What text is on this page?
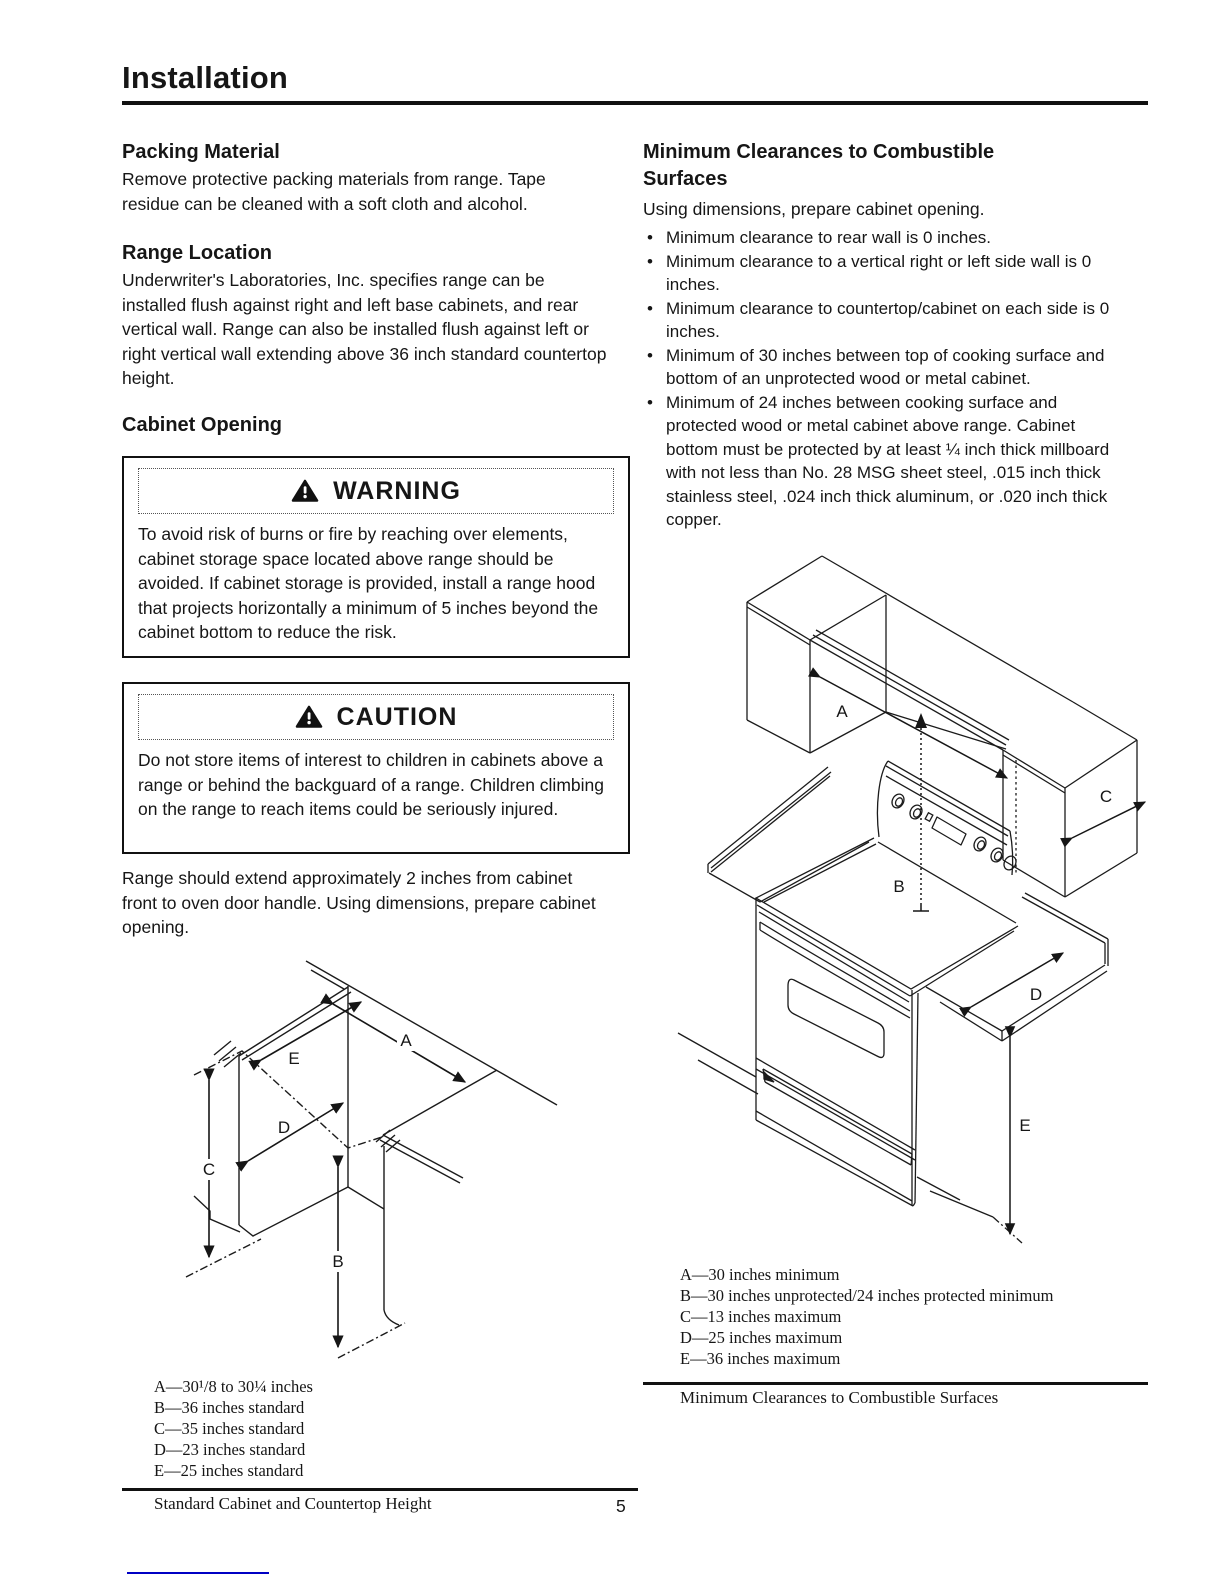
Installation
Packing Material

Remove protective packing materials from range. Tape residue can be cleaned with a soft cloth and alcohol.

Range Location

Underwriter's Laboratories, Inc. specifies range can be installed flush against right and left base cabinets, and rear vertical wall. Range can also be installed flush against left or right vertical wall extending above 36 inch standard countertop height.

Cabinet Opening
WARNING

To avoid risk of burns or fire by reaching over elements, cabinet storage space located above range should be avoided. If cabinet storage is provided, install a range hood that projects horizontally a minimum of 5 inches beyond the cabinet bottom to reduce the risk.

CAUTION

Do not store items of interest to children in cabinets above a range or behind the backguard of a range. Children climbing on the range to reach items could be seriously injured.

Range should extend approximately 2 inches from cabinet front to oven door handle. Using dimensions, prepare cabinet opening.

A
E
D
C
B
A—30¹/8 to 30¼ inches
B—36 inches standard
C—35 inches standard
D—23 inches standard
E—25 inches standard
Standard Cabinet and Countertop Height	5
Minimum Clearances to Combustible Surfaces

Using dimensions, prepare cabinet opening.

• Minimum clearance to rear wall is 0 inches.
• Minimum clearance to a vertical right or left side wall is 0 inches.
• Minimum clearance to countertop/cabinet on each side is 0 inches.
• Minimum of 30 inches between top of cooking surface and bottom of an unprotected wood or metal cabinet.
• Minimum of 24 inches between cooking surface and protected wood or metal cabinet above range. Cabinet bottom must be protected by at least ¼ inch thick millboard with not less than No. 28 MSG sheet steel, .015 inch thick stainless steel, .024 inch thick aluminum, or .020 inch thick copper.
A
B
C
D
E
A—30 inches minimum
B—30 inches unprotected/24 inches protected minimum
C—13 inches maximum
D—25 inches maximum
E—36 inches maximum
Minimum Clearances to Combustible Surfaces
